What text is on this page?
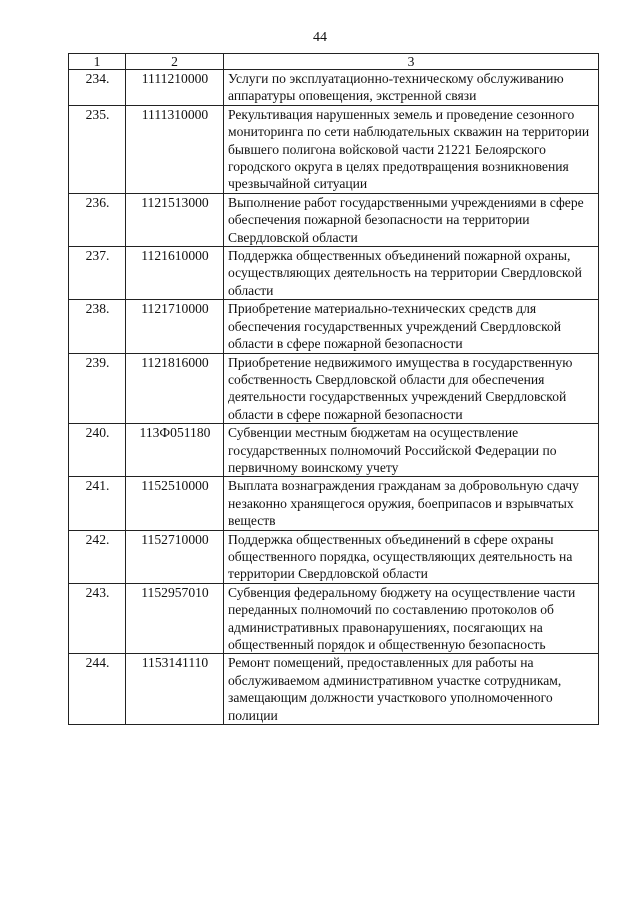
44
1	2	3
234.	1111210000	Услуги по эксплуатационно-техническому обслуживанию аппаратуры оповещения, экстренной связи
235.	1111310000	Рекультивация нарушенных земель и проведение сезонного мониторинга по сети наблюдательных скважин на территории бывшего полигона войсковой части 21221 Белоярского городского округа в целях предотвращения возникновения чрезвычайной ситуации
236.	1121513000	Выполнение работ государственными учреждениями в сфере обеспечения пожарной безопасности на территории Свердловской области
237.	1121610000	Поддержка общественных объединений пожарной охраны, осуществляющих деятельность на территории Свердловской области
238.	1121710000	Приобретение материально-технических средств для обеспечения государственных учреждений Свердловской области в сфере пожарной безопасности
239.	1121816000	Приобретение недвижимого имущества в государственную собственность Свердловской области для обеспечения деятельности государственных учреждений Свердловской области в сфере пожарной безопасности
240.	113Ф051180	Субвенции местным бюджетам на осуществление государственных полномочий Российской Федерации по первичному воинскому учету
241.	1152510000	Выплата вознаграждения гражданам за добровольную сдачу незаконно хранящегося оружия, боеприпасов и взрывчатых веществ
242.	1152710000	Поддержка общественных объединений в сфере охраны общественного порядка, осуществляющих деятельность на территории Свердловской области
243.	1152957010	Субвенция федеральному бюджету на осуществление части переданных полномочий по составлению протоколов об административных правонарушениях, посягающих на общественный порядок и общественную безопасность
244.	1153141110	Ремонт помещений, предоставленных для работы на обслуживаемом административном участке сотрудникам, замещающим должности участкового уполномоченного полиции
